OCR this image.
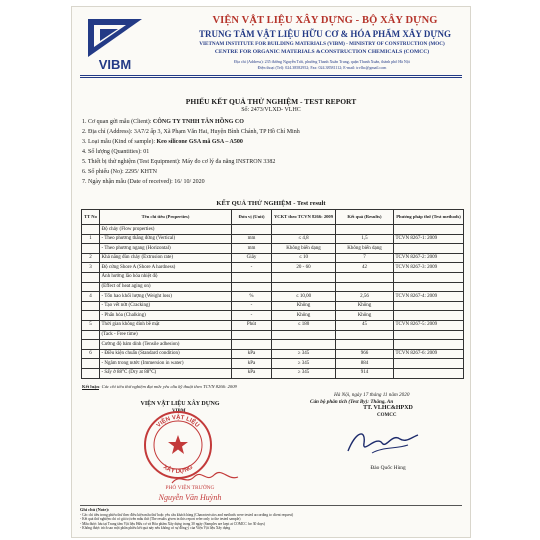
VIBM
VIỆN VẬT LIỆU XÂY DỰNG - BỘ XÂY DỰNG
TRUNG TÂM VẬT LIỆU HỮU CƠ & HÓA PHẨM XÂY DỰNG
VIETNAM INSTITUTE FOR BUILDING MATERIALS (VIBM) - MINISTRY OF CONSTRUCTION (MOC)
CENTRE FOR ORGANIC MATERIALS &CONSTRUCTION CHEMICALS (COMCC)
Địa chỉ (Address): 235 đường Nguyễn Trãi, phường Thanh Xuân Trung, quận Thanh Xuân, thành phố Hà Nội
Điện thoại (Tel): 024.38582952; Fax: 024.38581112; E-mail: trvlhc@gmail.com
PHIẾU KẾT QUẢ THỬ NGHIỆM - TEST REPORT
Số: 2473/VLXD- VLHC
1. Cơ quan gửi mẫu (Client): CÔNG TY TNHH TÂN HỒNG CO
2. Địa chỉ (Address): 3A7/2 ấp 3, Xã Phạm Văn Hai, Huyện Bình Chánh, TP Hồ Chí Minh
3. Loại mẫu (Kind of sample): Keo silicone GSA mã GSA – A500
4. Số lượng (Quantities): 01
5. Thiết bị thử nghiệm (Test Equipment): Máy đo cơ lý đa năng INSTRON 3382
6. Số phiếu (No): 2295/ KHTN
7. Ngày nhận mẫu (Date of received): 16/ 10/ 2020
KẾT QUẢ THỬ NGHIỆM - Test result
TT No	Tên chỉ tiêu (Properties)	Đơn vị (Unit)	YCKT theo TCVN 8266: 2009	Kết quả (Results)	Phương pháp thử (Test methods)
	Độ chảy (Flow properties)				
1	- Theo phương thẳng đứng (Vertical)	mm	≤ 4,8	1,5	TCVN 8267-1: 2009
	- Theo phương ngang (Horizontal)	mm	Không biến dạng	Không biến dạng	
2	Khả năng đùn chảy (Extrusion rate)	Giây	≤ 10	7	TCVN 8267-2: 2009
3	Độ cứng Shore A (Shore A hardness)	-	20 - 60	42	TCVN 8267-3: 2009
	Ảnh hưởng lão hóa nhiệt độ				
	(Effect of heat aging on)				
4	- Tổn hao khối lượng (Weight loss)	%	≤ 10,00	2,56	TCVN 8267-4: 2009
	- Tạo vết nứt (Cracking)	-	Không	Không	
	- Phấn hóa (Chalking)	-	Không	Không	
5	Thời gian không dính bề mặt	Phút	≤ 180	45	TCVN 8267-5: 2009
	(Tack - Free time)				
	Cường độ bám dính (Tensile adhesion)				
6	- Điều kiện chuẩn (Standard condition)	kPa	≥ 345	966	TCVN 8267-6: 2009
	- Ngâm trong nước (Immersion in water)	kPa	≥ 345	884	
	- Sấy ở 88°C (Dry at 88°C)	kPa	≥ 345	914	
Kết luận: Các chỉ tiêu thử nghiệm đạt mức yêu cầu kỹ thuật theo TCVN 8266: 2009
Hà Nội, ngày 17 tháng 11 năm 2020
Cán bộ phân tích (Test By): Thắng, An
VIỆN VẬT LIỆU XÂY DỰNG
VIBM
TT. VLHC&HPXD
COMCC
VIỆN VẬT LIỆU
XÂY DỰNG
PHÓ VIỆN TRƯỞNG
Nguyễn Văn Huỳnh
Đào Quốc Hùng
Ghi chú (Note):
- Các chỉ tiêu trong phiếu thử theo điều kiện mẫu thử hoặc yêu cầu khách hàng (Characteristics and methods were tested according to client request)
- Kết quả thử nghiệm chỉ có giá trị trên mẫu thử (The results given in this report refer only to the tested sample)
- Mẫu được lưu tại Trung tâm Vật liệu Hữu cơ và Hóa phẩm Xây dựng trong 30 ngày (Samples are kept at COMCC for 30 days)
- Không được trích sao một phần phiếu kết quả này nếu không có sự đồng ý của Viện Vật liệu Xây dựng
